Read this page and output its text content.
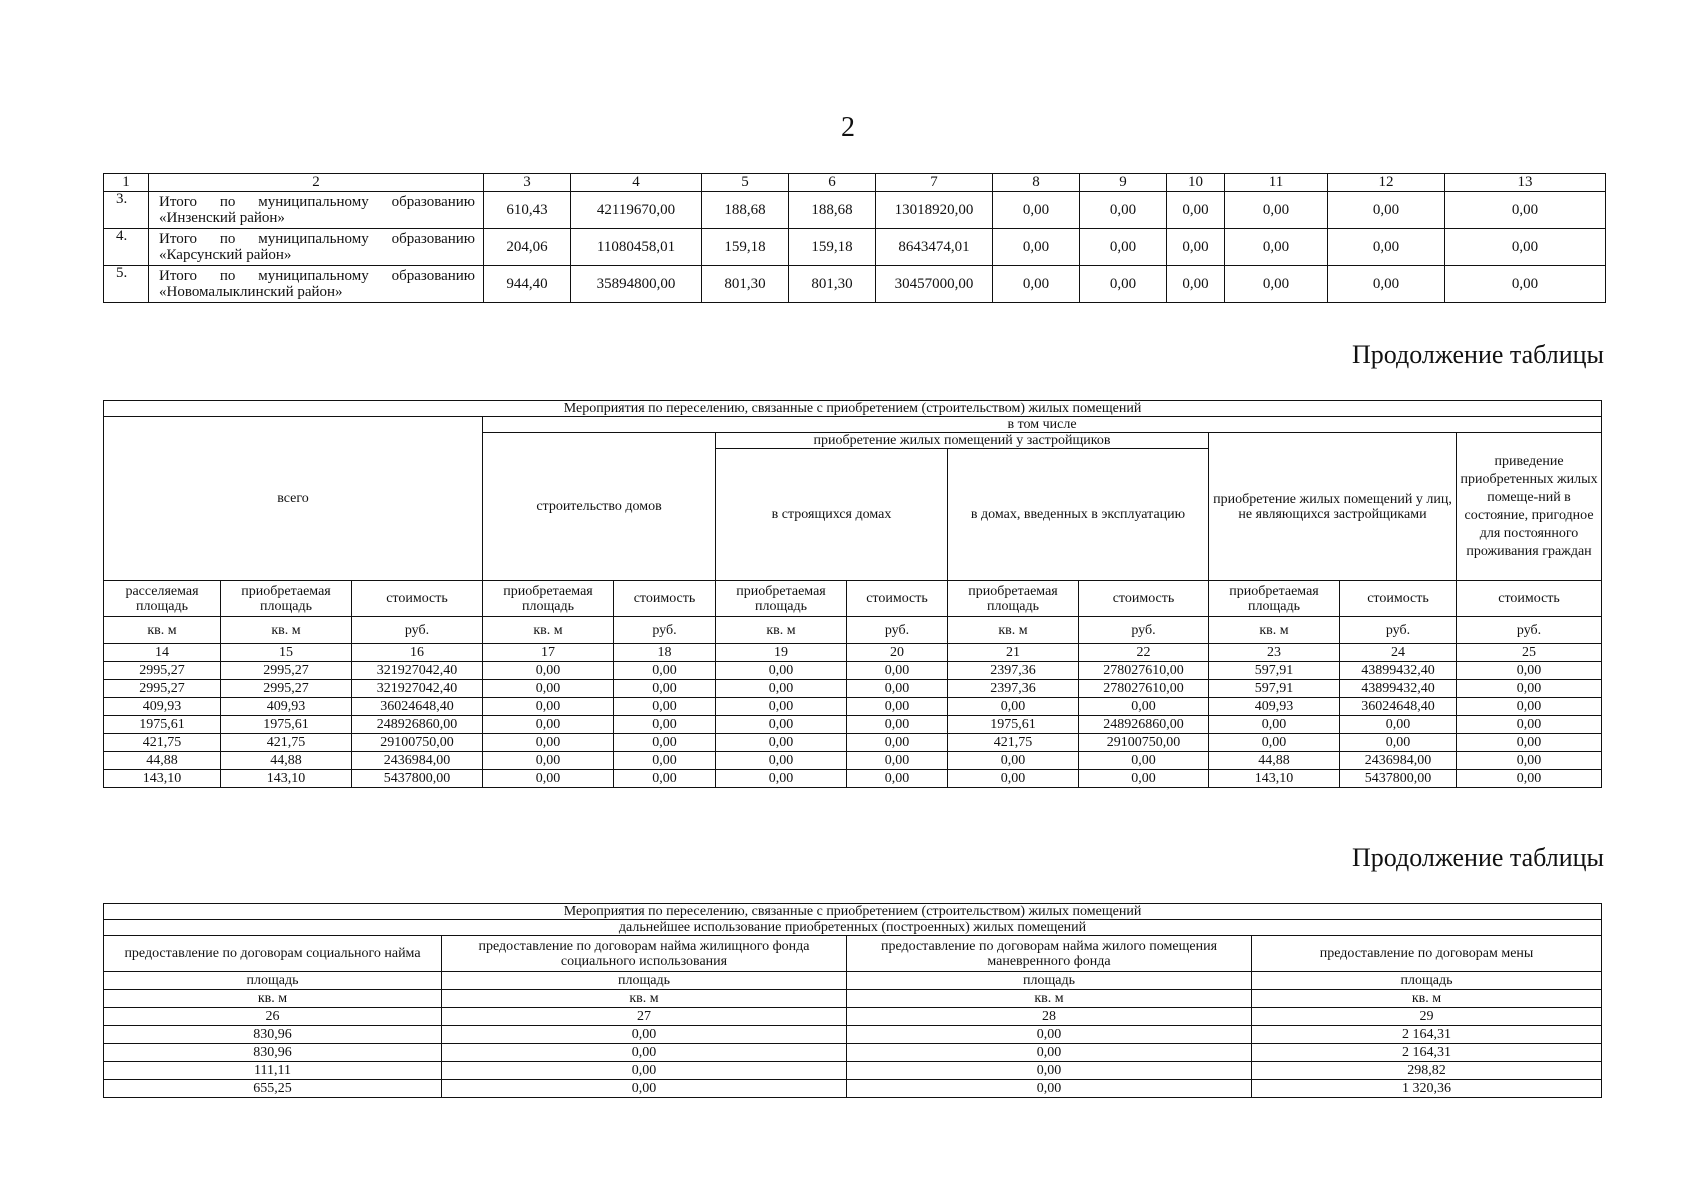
2
1	2	3	4	5	6	7	8	9	10	11	12	13
3.	Итого по муниципальному образованию «Инзенский район»	610,43	42119670,00	188,68	188,68	13018920,00	0,00	0,00	0,00	0,00	0,00	0,00
4.	Итого по муниципальному образованию «Карсунский район»	204,06	11080458,01	159,18	159,18	8643474,01	0,00	0,00	0,00	0,00	0,00	0,00
5.	Итого по муниципальному образованию «Новомалыклинский район»	944,40	35894800,00	801,30	801,30	30457000,00	0,00	0,00	0,00	0,00	0,00	0,00
Продолжение таблицы
Мероприятия по переселению, связанные с приобретением (строительством) жилых помещений											
всего			в том числе								
			строительство домов		приобретение жилых помещений у застройщиков				приобретение жилых помещений у лиц, не являющихся застройщиками		приведение приобретенных жилых помеще-ний в состояние, пригодное для постоянного проживания граждан
					в строящихся домах		в домах, введенных в эксплуатацию				
расселяемая площадь	приобретаемая площадь	стоимость	приобретаемая площадь	стоимость	приобретаемая площадь	стоимость	приобретаемая площадь	стоимость	приобретаемая площадь	стоимость	стоимость
кв. м	кв. м	руб.	кв. м	руб.	кв. м	руб.	кв. м	руб.	кв. м	руб.	руб.
14	15	16	17	18	19	20	21	22	23	24	25
2995,27	2995,27	321927042,40	0,00	0,00	0,00	0,00	2397,36	278027610,00	597,91	43899432,40	0,00
2995,27	2995,27	321927042,40	0,00	0,00	0,00	0,00	2397,36	278027610,00	597,91	43899432,40	0,00
409,93	409,93	36024648,40	0,00	0,00	0,00	0,00	0,00	0,00	409,93	36024648,40	0,00
1975,61	1975,61	248926860,00	0,00	0,00	0,00	0,00	1975,61	248926860,00	0,00	0,00	0,00
421,75	421,75	29100750,00	0,00	0,00	0,00	0,00	421,75	29100750,00	0,00	0,00	0,00
44,88	44,88	2436984,00	0,00	0,00	0,00	0,00	0,00	0,00	44,88	2436984,00	0,00
143,10	143,10	5437800,00	0,00	0,00	0,00	0,00	0,00	0,00	143,10	5437800,00	0,00
Продолжение таблицы
Мероприятия по переселению, связанные с приобретением (строительством) жилых помещений			
дальнейшее использование приобретенных (построенных) жилых помещений			
предоставление по договорам социального найма	предоставление по договорам найма жилищного фонда социального использования	предоставление по договорам найма жилого помещения маневренного фонда	предоставление по договорам мены
площадь	площадь	площадь	площадь
кв. м	кв. м	кв. м	кв. м
26	27	28	29
830,96	0,00	0,00	2 164,31
830,96	0,00	0,00	2 164,31
111,11	0,00	0,00	298,82
655,25	0,00	0,00	1 320,36
